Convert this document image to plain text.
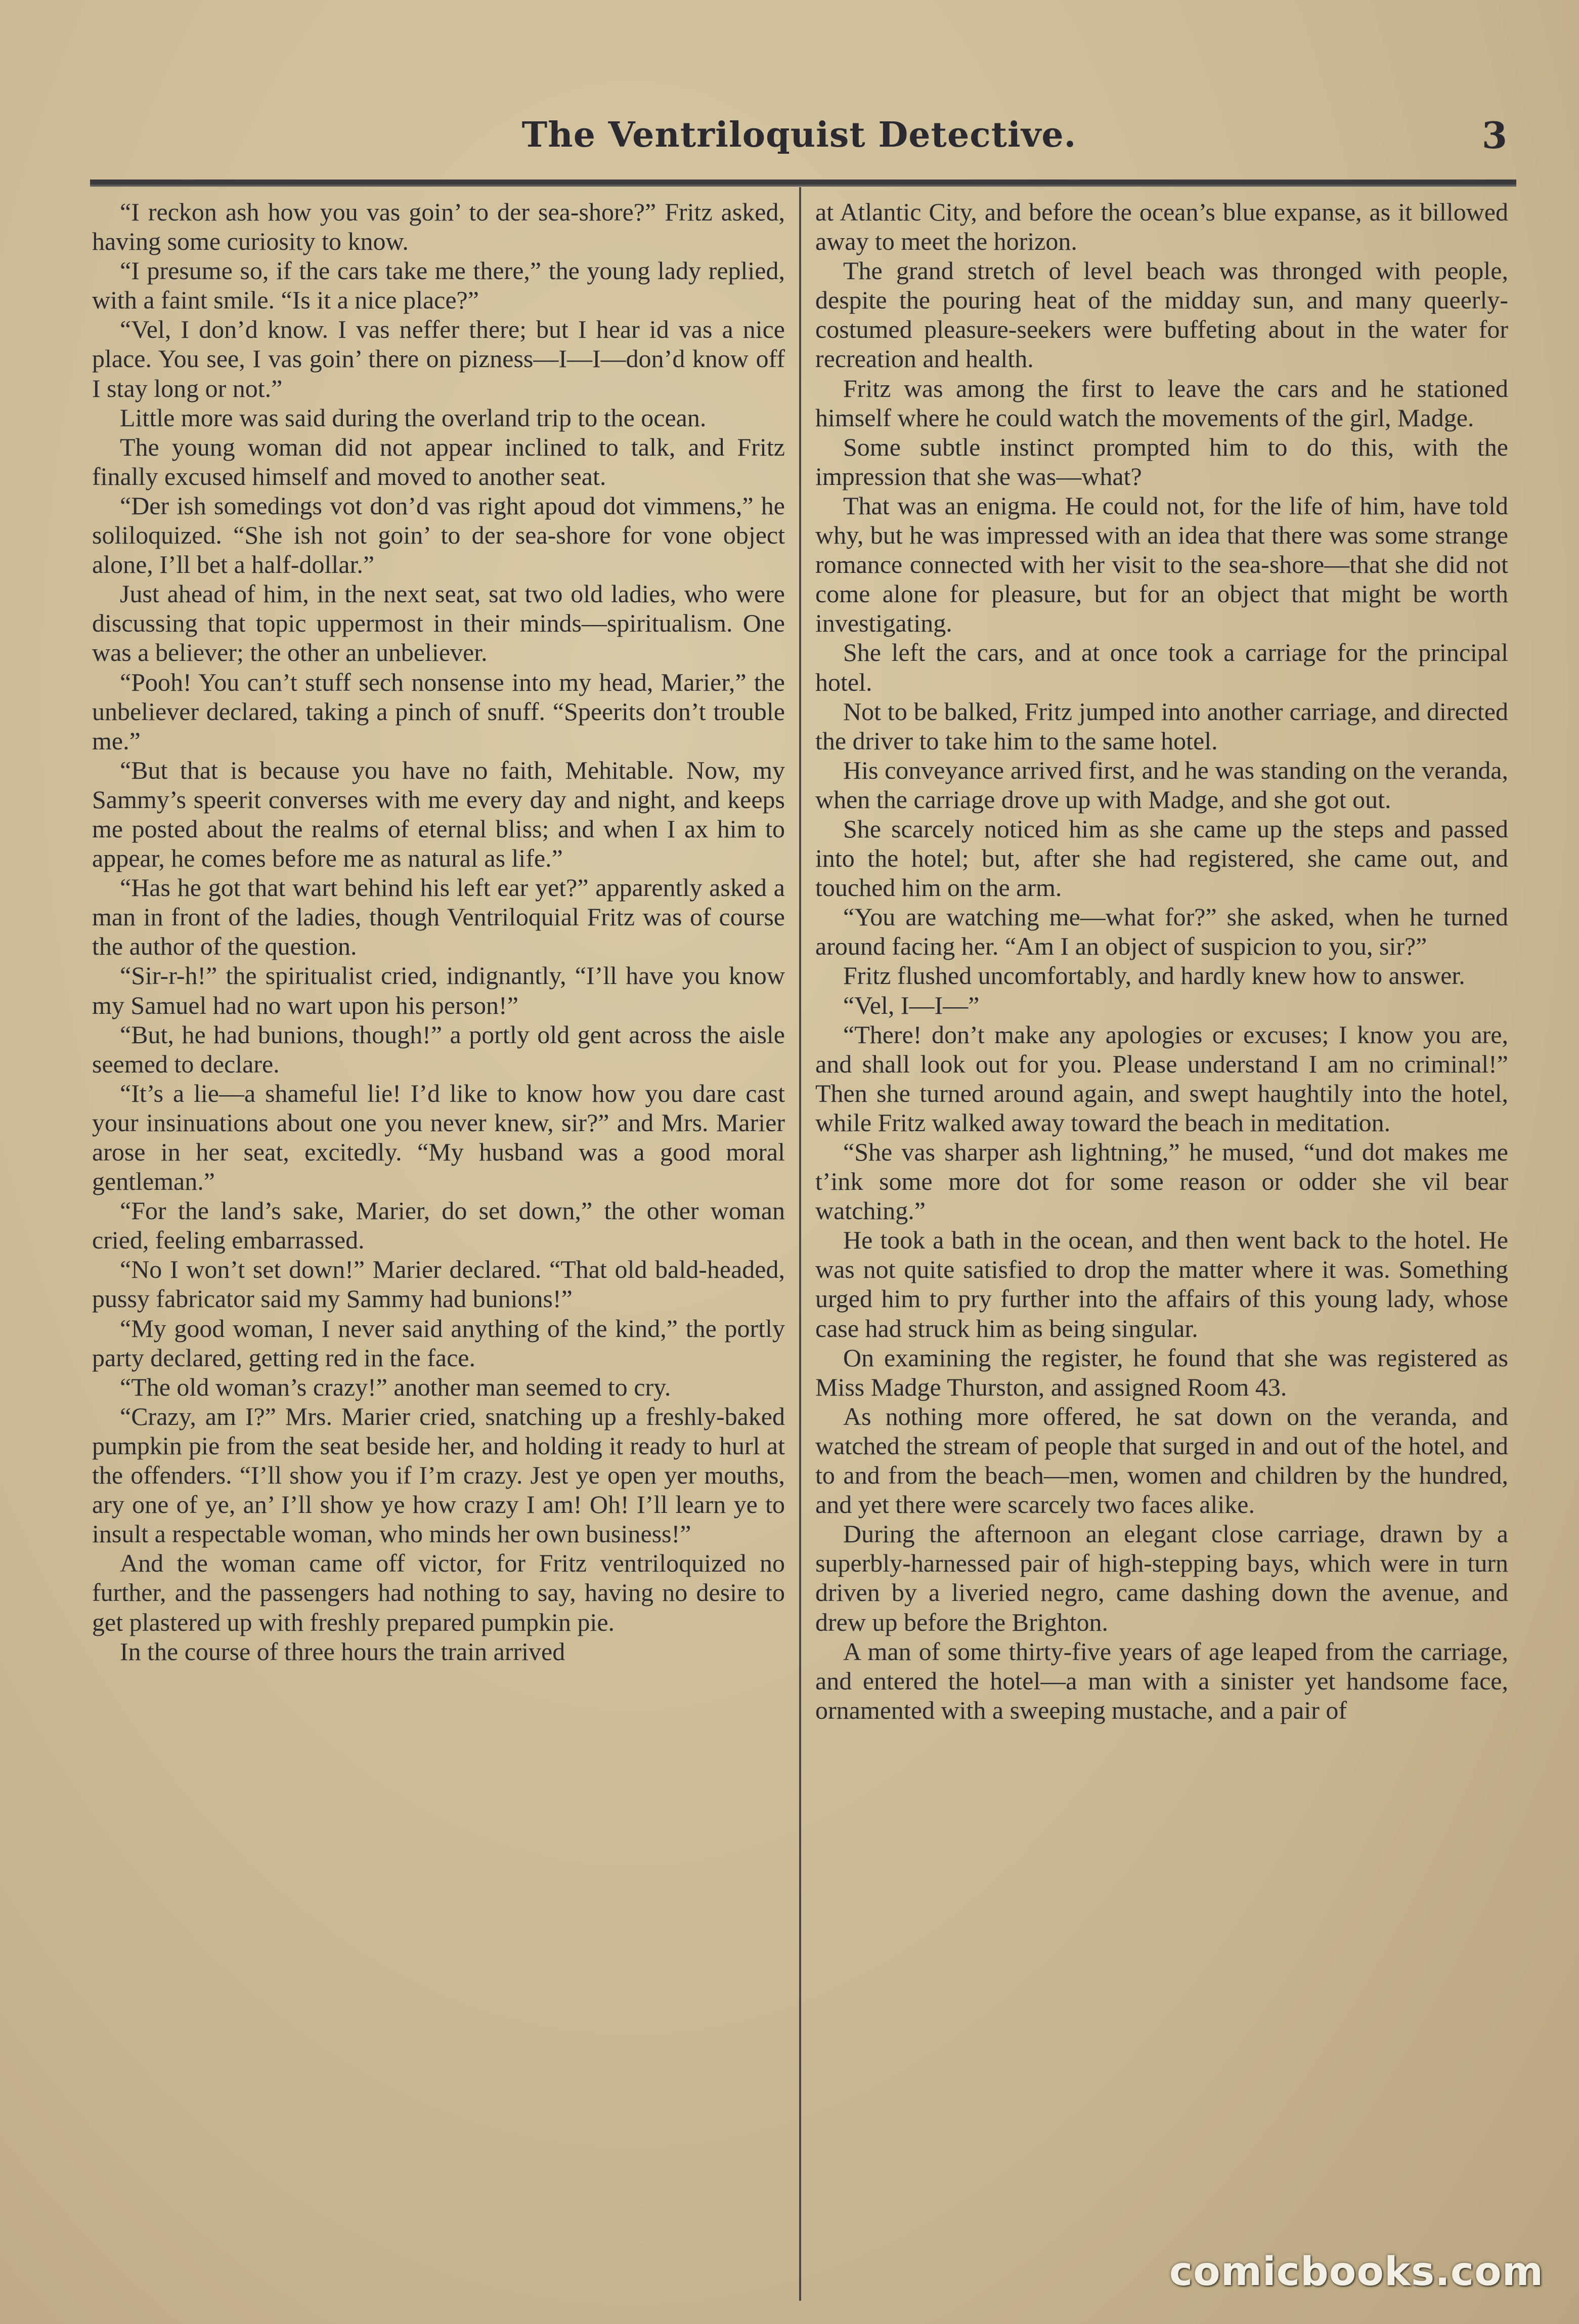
The Ventriloquist Detective.	3

“I reckon ash how you vas goin’ to der sea-shore?” Fritz asked, having some curiosity to know.

“I presume so, if the cars take me there,” the young lady replied, with a faint smile. “Is it a nice place?”

“Vel, I don’d know. I vas neffer there; but I hear id vas a nice place. You see, I vas goin’ there on pizness—I—I—don’d know off I stay long or not.”

Little more was said during the overland trip to the ocean.

The young woman did not appear inclined to talk, and Fritz finally excused himself and moved to another seat.

“Der ish somedings vot don’d vas right apoud dot vimmens,” he soliloquized. “She ish not goin’ to der sea-shore for vone object alone, I’ll bet a half-dollar.”

Just ahead of him, in the next seat, sat two old ladies, who were discussing that topic uppermost in their minds—spiritualism. One was a believer; the other an unbeliever.

“Pooh! You can’t stuff sech nonsense into my head, Marier,” the unbeliever declared, taking a pinch of snuff. “Speerits don’t trouble me.”

“But that is because you have no faith, Mehitable. Now, my Sammy’s speerit converses with me every day and night, and keeps me posted about the realms of eternal bliss; and when I ax him to appear, he comes before me as natural as life.”

“Has he got that wart behind his left ear yet?” apparently asked a man in front of the ladies, though Ventriloquial Fritz was of course the author of the question.

“Sir-r-h!” the spiritualist cried, indignantly, “I’ll have you know my Samuel had no wart upon his person!”

“But, he had bunions, though!” a portly old gent across the aisle seemed to declare.

“It’s a lie—a shameful lie! I’d like to know how you dare cast your insinuations about one you never knew, sir?” and Mrs. Marier arose in her seat, excitedly. “My husband was a good moral gentleman.”

“For the land’s sake, Marier, do set down,” the other woman cried, feeling embarrassed.

“No I won’t set down!” Marier declared. “That old bald-headed, pussy fabricator said my Sammy had bunions!”

“My good woman, I never said anything of the kind,” the portly party declared, getting red in the face.

“The old woman’s crazy!” another man seemed to cry.

“Crazy, am I?” Mrs. Marier cried, snatching up a freshly-baked pumpkin pie from the seat beside her, and holding it ready to hurl at the offenders. “I’ll show you if I’m crazy. Jest ye open yer mouths, ary one of ye, an’ I’ll show ye how crazy I am! Oh! I’ll learn ye to insult a respectable woman, who minds her own business!”

And the woman came off victor, for Fritz ventriloquized no further, and the passengers had nothing to say, having no desire to get plastered up with freshly prepared pumpkin pie.

In the course of three hours the train arrived

at Atlantic City, and before the ocean’s blue expanse, as it billowed away to meet the horizon.

The grand stretch of level beach was thronged with people, despite the pouring heat of the midday sun, and many queerly-costumed pleasure-seekers were buffeting about in the water for recreation and health.

Fritz was among the first to leave the cars and he stationed himself where he could watch the movements of the girl, Madge.

Some subtle instinct prompted him to do this, with the impression that she was—what?

That was an enigma. He could not, for the life of him, have told why, but he was impressed with an idea that there was some strange romance connected with her visit to the sea-shore—that she did not come alone for pleasure, but for an object that might be worth investigating.

She left the cars, and at once took a carriage for the principal hotel.

Not to be balked, Fritz jumped into another carriage, and directed the driver to take him to the same hotel.

His conveyance arrived first, and he was standing on the veranda, when the carriage drove up with Madge, and she got out.

She scarcely noticed him as she came up the steps and passed into the hotel; but, after she had registered, she came out, and touched him on the arm.

“You are watching me—what for?” she asked, when he turned around facing her. “Am I an object of suspicion to you, sir?”

Fritz flushed uncomfortably, and hardly knew how to answer.

“Vel, I—I—”

“There! don’t make any apologies or excuses; I know you are, and shall look out for you. Please understand I am no criminal!” Then she turned around again, and swept haughtily into the hotel, while Fritz walked away toward the beach in meditation.

“She vas sharper ash lightning,” he mused, “und dot makes me t’ink some more dot for some reason or odder she vil bear watching.”

He took a bath in the ocean, and then went back to the hotel. He was not quite satisfied to drop the matter where it was. Something urged him to pry further into the affairs of this young lady, whose case had struck him as being singular.

On examining the register, he found that she was registered as Miss Madge Thurston, and assigned Room 43.

As nothing more offered, he sat down on the veranda, and watched the stream of people that surged in and out of the hotel, and to and from the beach—men, women and children by the hundred, and yet there were scarcely two faces alike.

During the afternoon an elegant close carriage, drawn by a superbly-harnessed pair of high-stepping bays, which were in turn driven by a liveried negro, came dashing down the avenue, and drew up before the Brighton.

A man of some thirty-five years of age leaped from the carriage, and entered the hotel—a man with a sinister yet handsome face, ornamented with a sweeping mustache, and a pair of

comicbooks.com
